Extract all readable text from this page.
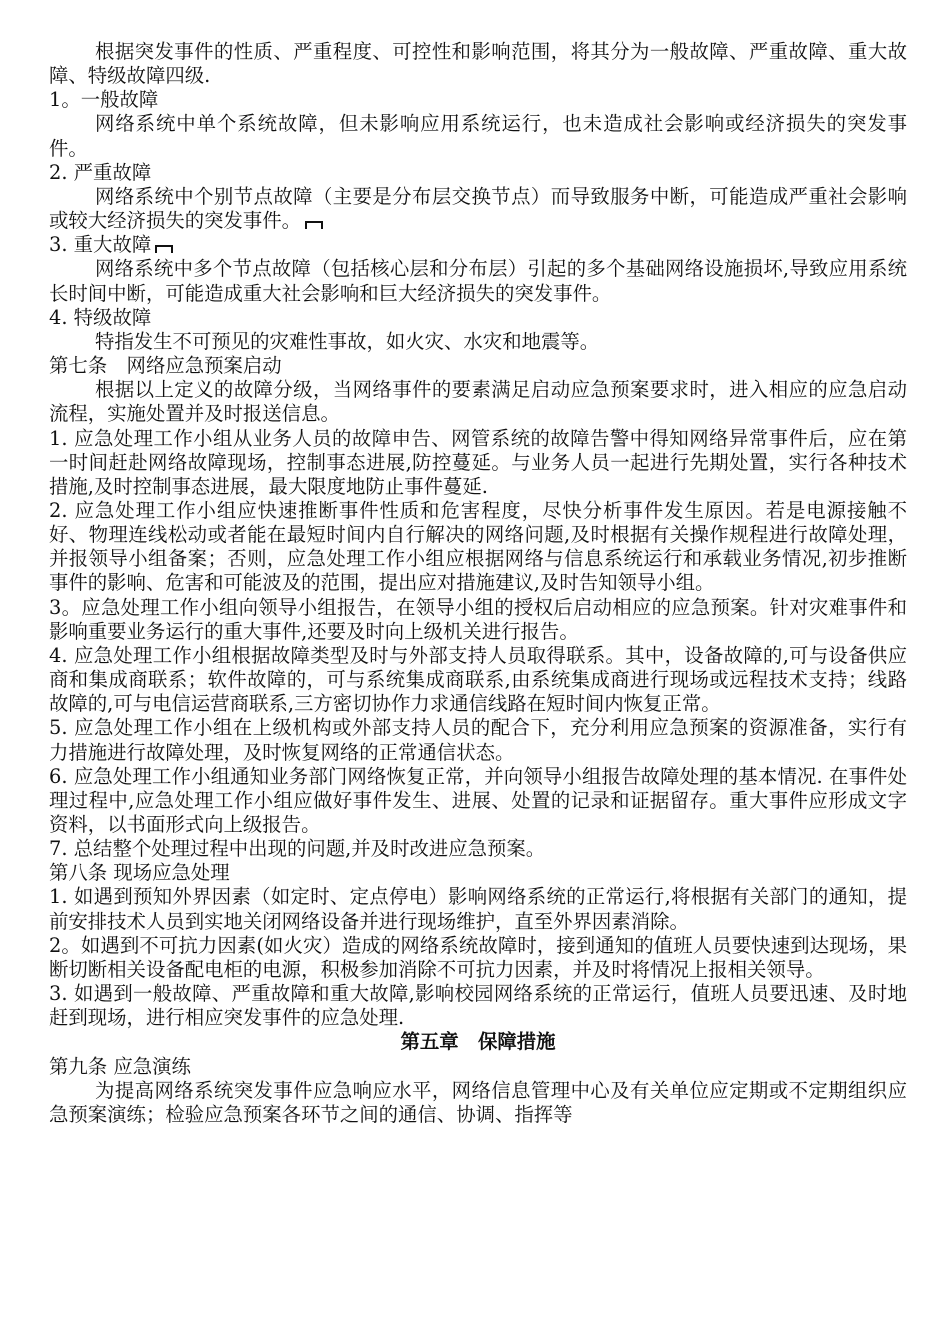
根据突发事件的性质、严重程度、可控性和影响范围，将其分为一般故障、严重故障、重大故障、特级故障四级.

1。一般故障

网络系统中单个系统故障，但未影响应用系统运行，也未造成社会影响或经济损失的突发事件。

2. 严重故障

网络系统中个别节点故障（主要是分布层交换节点）而导致服务中断，可能造成严重社会影响或较大经济损失的突发事件。

3. 重大故障

网络系统中多个节点故障（包括核心层和分布层）引起的多个基础网络设施损坏,导致应用系统长时间中断，可能造成重大社会影响和巨大经济损失的突发事件。

4. 特级故障

特指发生不可预见的灾难性事故，如火灾、水灾和地震等。

第七条　网络应急预案启动

根据以上定义的故障分级，当网络事件的要素满足启动应急预案要求时，进入相应的应急启动流程，实施处置并及时报送信息。

1. 应急处理工作小组从业务人员的故障申告、网管系统的故障告警中得知网络异常事件后，应在第一时间赶赴网络故障现场，控制事态进展,防控蔓延。与业务人员一起进行先期处置，实行各种技术措施,及时控制事态进展，最大限度地防止事件蔓延.

2. 应急处理工作小组应快速推断事件性质和危害程度，尽快分析事件发生原因。若是电源接触不好、物理连线松动或者能在最短时间内自行解决的网络问题,及时根据有关操作规程进行故障处理，并报领导小组备案；否则，应急处理工作小组应根据网络与信息系统运行和承载业务情况,初步推断事件的影响、危害和可能波及的范围，提出应对措施建议,及时告知领导小组。

3。应急处理工作小组向领导小组报告，在领导小组的授权后启动相应的应急预案。针对灾难事件和影响重要业务运行的重大事件,还要及时向上级机关进行报告。

4. 应急处理工作小组根据故障类型及时与外部支持人员取得联系。其中，设备故障的,可与设备供应商和集成商联系；软件故障的，可与系统集成商联系,由系统集成商进行现场或远程技术支持；线路故障的,可与电信运营商联系,三方密切协作力求通信线路在短时间内恢复正常。

5. 应急处理工作小组在上级机构或外部支持人员的配合下，充分利用应急预案的资源准备，实行有力措施进行故障处理，及时恢复网络的正常通信状态。

6. 应急处理工作小组通知业务部门网络恢复正常，并向领导小组报告故障处理的基本情况. 在事件处理过程中,应急处理工作小组应做好事件发生、进展、处置的记录和证据留存。重大事件应形成文字资料，以书面形式向上级报告。

7. 总结整个处理过程中出现的问题,并及时改进应急预案。

第八条 现场应急处理

1. 如遇到预知外界因素（如定时、定点停电）影响网络系统的正常运行,将根据有关部门的通知，提前安排技术人员到实地关闭网络设备并进行现场维护，直至外界因素消除。

2。如遇到不可抗力因素(如火灾）造成的网络系统故障时，接到通知的值班人员要快速到达现场，果断切断相关设备配电柜的电源，积极参加消除不可抗力因素，并及时将情况上报相关领导。

3. 如遇到一般故障、严重故障和重大故障,影响校园网络系统的正常运行，值班人员要迅速、及时地赶到现场，进行相应突发事件的应急处理.

第五章　保障措施

第九条 应急演练

为提高网络系统突发事件应急响应水平，网络信息管理中心及有关单位应定期或不定期组织应急预案演练；检验应急预案各环节之间的通信、协调、指挥等
